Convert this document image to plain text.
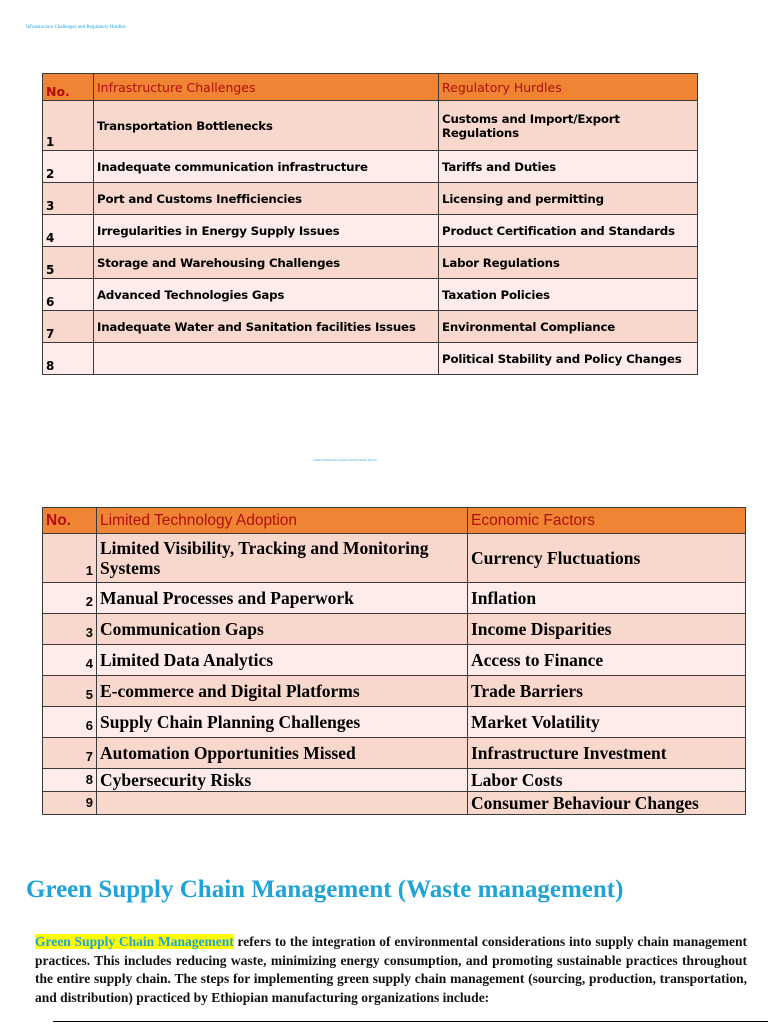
Infrastructure Challenges and Regulatory Hurdles
No.	Infrastructure Challenges	Regulatory Hurdles
1	Transportation Bottlenecks	Customs and Import/Export Regulations
2	Inadequate communication infrastructure	Tariffs and Duties
3	Port and Customs Inefficiencies	Licensing and permitting
4	Irregularities in Energy Supply Issues	Product Certification and Standards
5	Storage and Warehousing Challenges	Labor Regulations
6	Advanced Technologies Gaps	Taxation Policies
7	Inadequate Water and Sanitation facilities Issues	Environmental Compliance
8		Political Stability and Policy Changes
Limited Technology Adoption and Economic Factors
No.	Limited Technology Adoption	Economic Factors
1	Limited Visibility, Tracking and Monitoring Systems	Currency Fluctuations
2	Manual Processes and Paperwork	Inflation
3	Communication Gaps	Income Disparities
4	Limited Data Analytics	Access to Finance
5	E-commerce and Digital Platforms	Trade Barriers
6	Supply Chain Planning Challenges	Market Volatility
7	Automation Opportunities Missed	Infrastructure Investment
8	Cybersecurity Risks	Labor Costs
9		Consumer Behaviour Changes
Green Supply Chain Management (Waste management)

Green Supply Chain Management refers to the integration of environmental considerations into supply chain management practices. This includes reducing waste, minimizing energy consumption, and promoting sustainable practices throughout the entire supply chain. The steps for implementing green supply chain management (sourcing, production, transportation, and distribution) practiced by Ethiopian manufacturing organizations include:
